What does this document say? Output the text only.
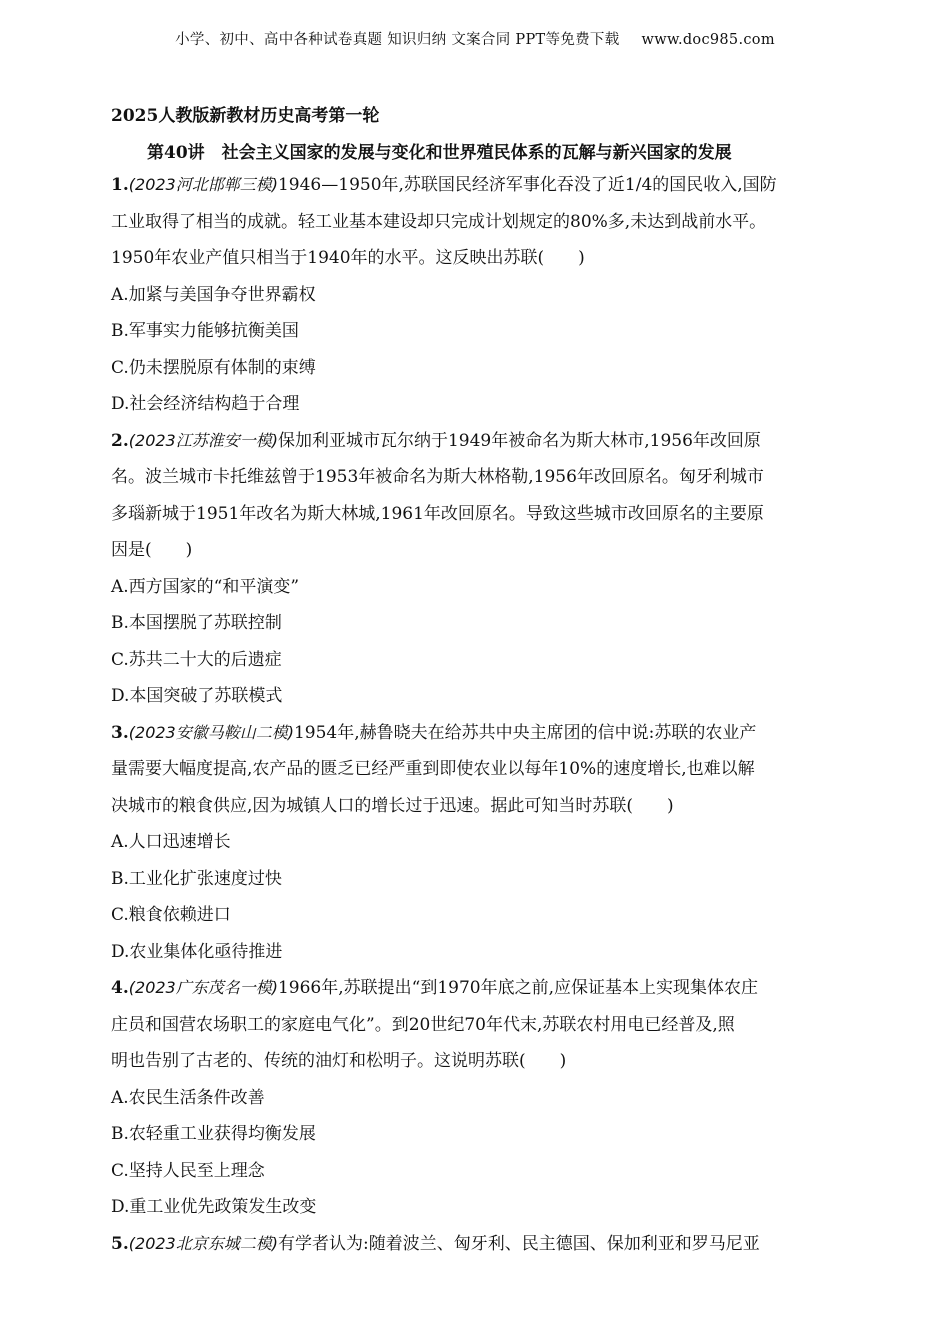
小学、初中、高中各种试卷真题 知识归纳 文案合同 PPT等免费下载 www.doc985.com
2025人教版新教材历史高考第一轮
第40讲　社会主义国家的发展与变化和世界殖民体系的瓦解与新兴国家的发展
1.(2023河北邯郸三模)1946—1950年,苏联国民经济军事化吞没了近1/4的国民收入,国防
工业取得了相当的成就。轻工业基本建设却只完成计划规定的80%多,未达到战前水平。
1950年农业产值只相当于1940年的水平。这反映出苏联(　　)
A.加紧与美国争夺世界霸权
B.军事实力能够抗衡美国
C.仍未摆脱原有体制的束缚
D.社会经济结构趋于合理
2.(2023江苏淮安一模)保加利亚城市瓦尔纳于1949年被命名为斯大林市,1956年改回原
名。波兰城市卡托维兹曾于1953年被命名为斯大林格勒,1956年改回原名。匈牙利城市
多瑙新城于1951年改名为斯大林城,1961年改回原名。导致这些城市改回原名的主要原
因是(　　)
A.西方国家的“和平演变”
B.本国摆脱了苏联控制
C.苏共二十大的后遗症
D.本国突破了苏联模式
3.(2023安徽马鞍山二模)1954年,赫鲁晓夫在给苏共中央主席团的信中说:苏联的农业产
量需要大幅度提高,农产品的匮乏已经严重到即使农业以每年10%的速度增长,也难以解
决城市的粮食供应,因为城镇人口的增长过于迅速。据此可知当时苏联(　　)
A.人口迅速增长
B.工业化扩张速度过快
C.粮食依赖进口
D.农业集体化亟待推进
4.(2023广东茂名一模)1966年,苏联提出“到1970年底之前,应保证基本上实现集体农庄
庄员和国营农场职工的家庭电气化”。到20世纪70年代末,苏联农村用电已经普及,照
明也告别了古老的、传统的油灯和松明子。这说明苏联(　　)
A.农民生活条件改善
B.农轻重工业获得均衡发展
C.坚持人民至上理念
D.重工业优先政策发生改变
5.(2023北京东城二模)有学者认为:随着波兰、匈牙利、民主德国、保加利亚和罗马尼亚
